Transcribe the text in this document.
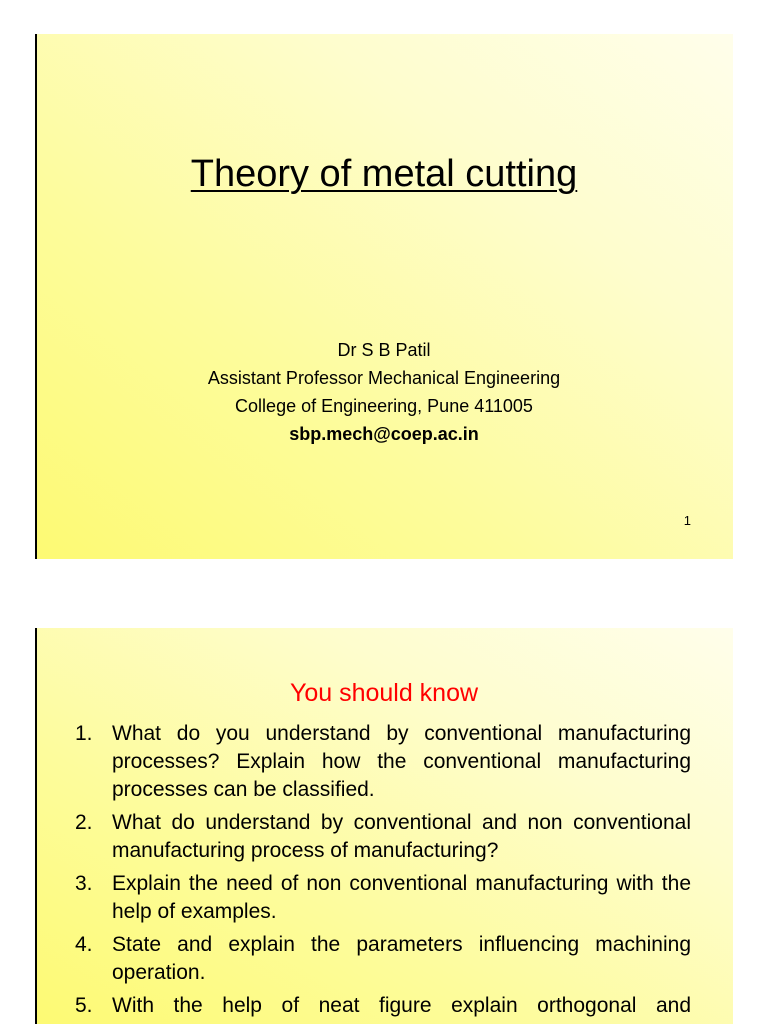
Theory of metal cutting
Dr S B Patil
Assistant Professor Mechanical Engineering
College of Engineering, Pune 411005
sbp.mech@coep.ac.in
1
You should know
1. What do you understand by conventional manufacturing processes? Explain how the conventional manufacturing processes can be classified.
2. What do understand by conventional and non conventional manufacturing process of manufacturing?
3. Explain the need of non conventional manufacturing with the help of examples.
4. State and explain the parameters influencing machining operation.
5. With the help of neat figure explain orthogonal and
